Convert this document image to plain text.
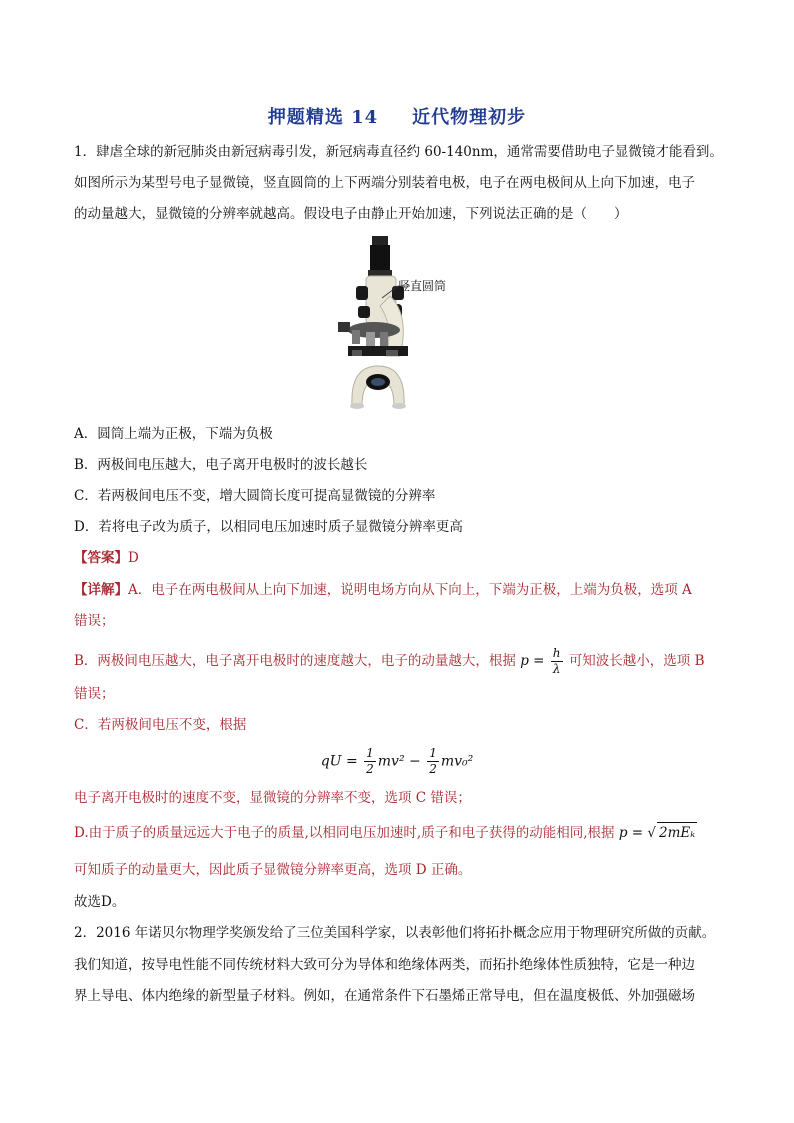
押题精选 14 近代物理初步
1．肆虐全球的新冠肺炎由新冠病毒引发，新冠病毒直径约 60-140nm，通常需要借助电子显微镜才能看到。
如图所示为某型号电子显微镜，竖直圆筒的上下两端分别装着电极，电子在两电极间从上向下加速，电子
的动量越大，显微镜的分辨率就越高。假设电子由静止开始加速，下列说法正确的是（　　）
竖直圆筒
A．圆筒上端为正极，下端为负极
B．两极间电压越大，电子离开电极时的波长越长
C．若两极间电压不变，增大圆筒长度可提高显微镜的分辨率
D．若将电子改为质子，以相同电压加速时质子显微镜分辨率更高
【答案】D
【详解】A．电子在两电极间从上向下加速，说明电场方向从下向上，下端为正极，上端为负极，选项 A
错误；
B．两极间电压越大，电子离开电极时的速度越大，电子的动量越大，根据 $p = \frac{h}{\lambda}$ 可知波长越小，选项 B
错误；
C．若两极间电压不变，根据
qU = $\frac{1}{2} mv^2 - \frac{1}{2} mv_0^2$
电子离开电极时的速度不变，显微镜的分辨率不变，选项 C 错误；
D.由于质子的质量远远大于电子的质量,以相同电压加速时,质子和电子获得的动能相同,根据 p = √ 2mEₖ
可知质子的动量更大，因此质子显微镜分辨率更高，选项 D 正确。
故选D。
2．2016 年诺贝尔物理学奖颁发给了三位美国科学家，以表彰他们将拓扑概念应用于物理研究所做的贡献。
我们知道，按导电性能不同传统材料大致可分为导体和绝缘体两类，而拓扑绝缘体性质独特，它是一种边
界上导电、体内绝缘的新型量子材料。例如，在通常条件下石墨烯正常导电，但在温度极低、外加强磁场
